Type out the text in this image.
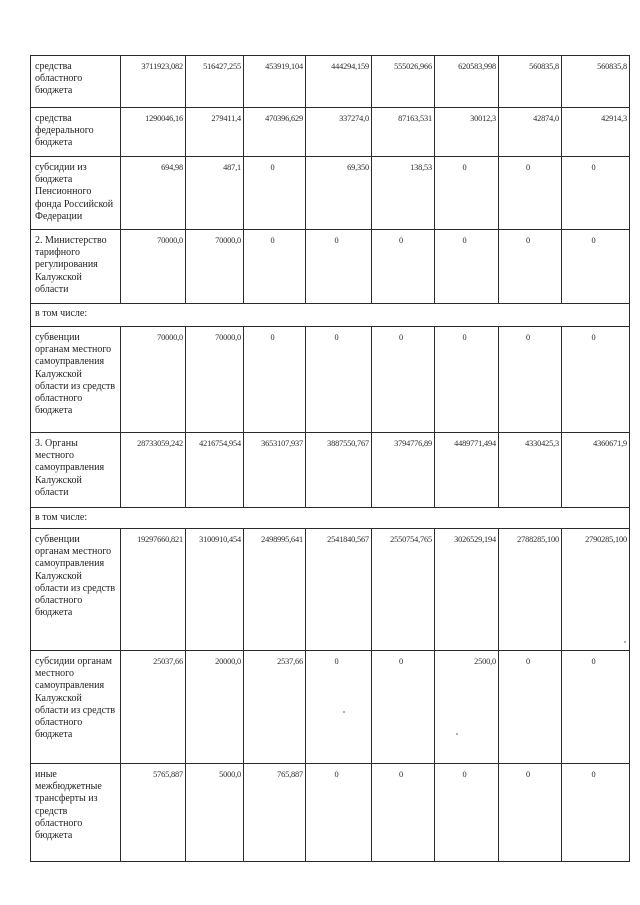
средства областного бюджета	3711923,082	516427,255	453919,104	444294,159	555026,966	620583,998	560835,8	560835,8
средства федерального бюджета	1290046,16	279411,4	470396,629	337274,0	87163,531	30012,3	42874,0	42914,3
субсидии из бюджета Пенсионного фонда Российской Федерации	694,98	487,1	0	69,350	138,53	0	0	0
2. Министерство тарифного регулирования Калужской области	70000,0	70000,0	0	0	0	0	0	0
в том числе:								
субвенции органам местного самоуправления Калужской области из средств областного бюджета	70000,0	70000,0	0	0	0	0	0	0
3. Органы местного самоуправления Калужской области	28733059,242	4216754,954	3653107,937	3887550,767	3794776,89	4489771,494	4330425,3	4360671,9
в том числе:								
субвенции органам местного самоуправления Калужской области из средств областного бюджета	19297660,821	3100910,454	2498995,641	2541840,567	2550754,765	3026529,194	2788285,100	2790285,100
субсидии органам местного самоуправления Калужской области из средств областного бюджета	25037,66	20000,0	2537,66	0	0	2500,0	0	0
иные межбюджетные трансферты из средств областного бюджета	5765,887	5000,0	765,887	0	0	0	0	0
